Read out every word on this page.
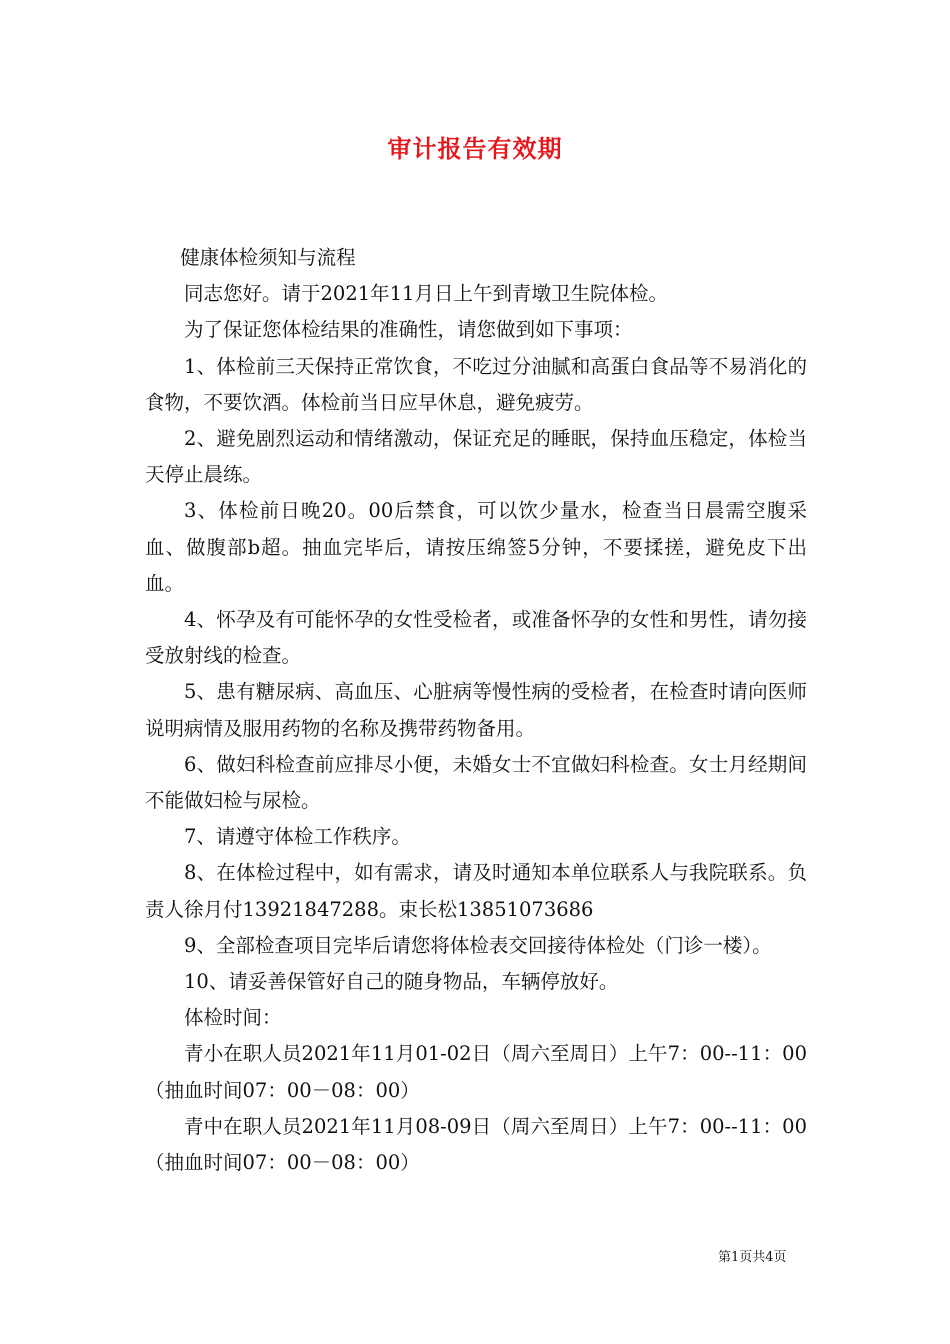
审计报告有效期

健康体检须知与流程

同志您好。请于2021年11月日上午到青墩卫生院体检。

为了保证您体检结果的准确性，请您做到如下事项：

1、体检前三天保持正常饮食，不吃过分油腻和高蛋白食品等不易消化的食物，不要饮酒。体检前当日应早休息，避免疲劳。

2、避免剧烈运动和情绪激动，保证充足的睡眠，保持血压稳定，体检当天停止晨练。

3、体检前日晚20。00后禁食，可以饮少量水，检查当日晨需空腹采血、做腹部b超。抽血完毕后，请按压绵签5分钟，不要揉搓，避免皮下出血。

4、怀孕及有可能怀孕的女性受检者，或准备怀孕的女性和男性，请勿接受放射线的检查。

5、患有糖尿病、高血压、心脏病等慢性病的受检者，在检查时请向医师说明病情及服用药物的名称及携带药物备用。

6、做妇科检查前应排尽小便，未婚女士不宜做妇科检查。女士月经期间不能做妇检与尿检。

7、请遵守体检工作秩序。

8、在体检过程中，如有需求，请及时通知本单位联系人与我院联系。负责人徐月付13921847288。束长松13851073686

9、全部检查项目完毕后请您将体检表交回接待体检处（门诊一楼）。

10、请妥善保管好自己的随身物品，车辆停放好。

体检时间：

青小在职人员2021年11月01-02日（周六至周日）上午7：00--11：00（抽血时间07：00－08：00）

青中在职人员2021年11月08-09日（周六至周日）上午7：00--11：00（抽血时间07：00－08：00）

第1页共4页
